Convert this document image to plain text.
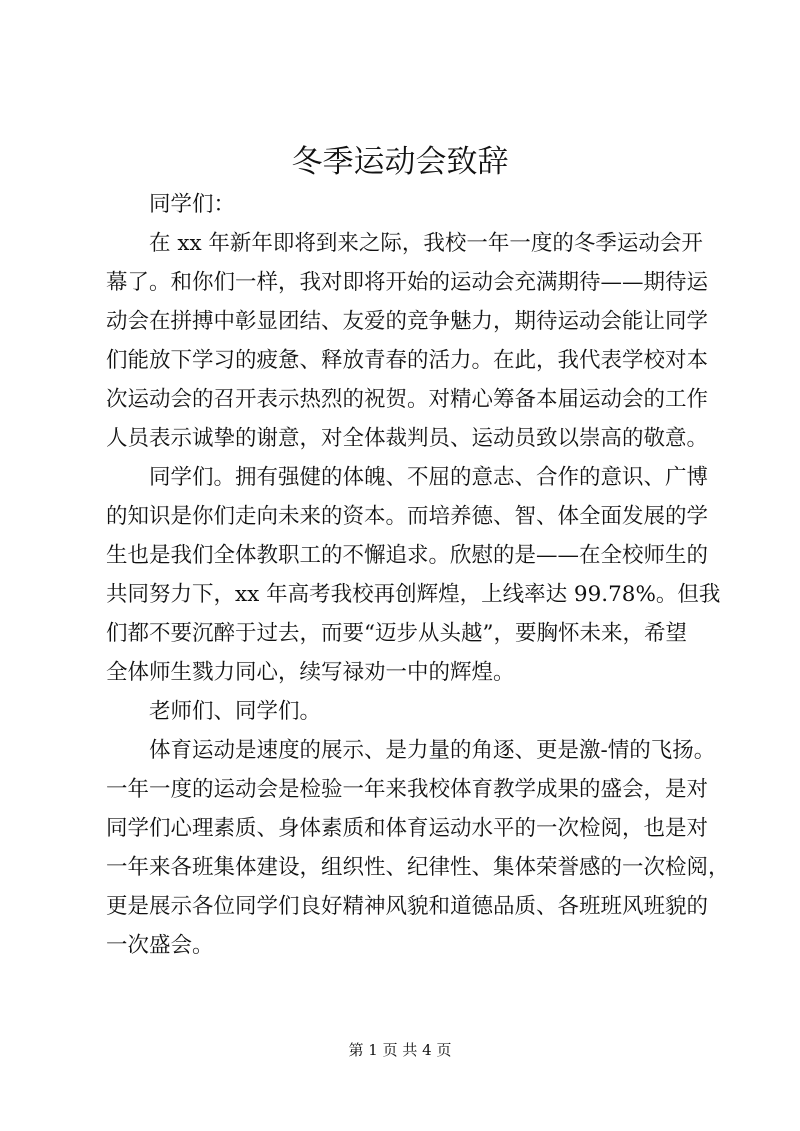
冬季运动会致辞
　　同学们：
　　在 xx 年新年即将到来之际，我校一年一度的冬季运动会开
幕了。和你们一样，我对即将开始的运动会充满期待——期待运
动会在拼搏中彰显团结、友爱的竞争魅力，期待运动会能让同学
们能放下学习的疲惫、释放青春的活力。在此，我代表学校对本
次运动会的召开表示热烈的祝贺。对精心筹备本届运动会的工作
人员表示诚挚的谢意，对全体裁判员、运动员致以崇高的敬意。
　　同学们。拥有强健的体魄、不屈的意志、合作的意识、广博
的知识是你们走向未来的资本。而培养德、智、体全面发展的学
生也是我们全体教职工的不懈追求。欣慰的是——在全校师生的
共同努力下，xx 年高考我校再创辉煌，上线率达 99.78%。但我
们都不要沉醉于过去，而要“迈步从头越”，要胸怀未来，希望
全体师生戮力同心，续写禄劝一中的辉煌。
　　老师们、同学们。
　　体育运动是速度的展示、是力量的角逐、更是激-情的飞扬。
一年一度的运动会是检验一年来我校体育教学成果的盛会，是对
同学们心理素质、身体素质和体育运动水平的一次检阅，也是对
一年来各班集体建设，组织性、纪律性、集体荣誉感的一次检阅，
更是展示各位同学们良好精神风貌和道德品质、各班班风班貌的
一次盛会。
第 1 页 共 4 页
